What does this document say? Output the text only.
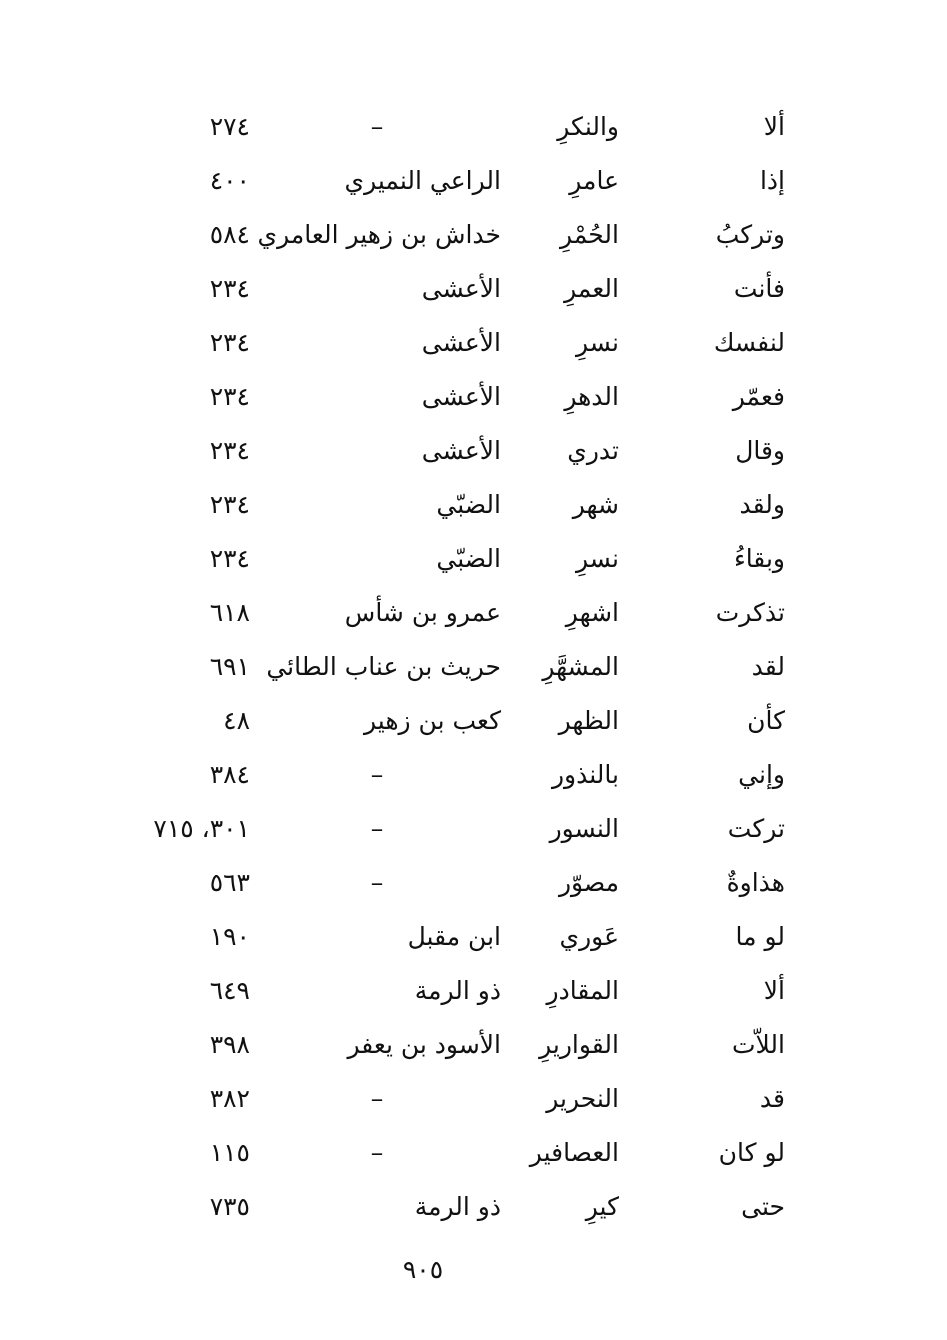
ألا
والنكرِ
–
٢٧٤
إذا
عامرِ
الراعي النميري
٤٠٠
وتركبُ
الحُمْرِ
خداش بن زهير العامري
٥٨٤
فأنت
العمرِ
الأعشى
٢٣٤
لنفسك
نسرِ
الأعشى
٢٣٤
فعمّر
الدهرِ
الأعشى
٢٣٤
وقال
تدري
الأعشى
٢٣٤
ولقد
شهر
الضبّي
٢٣٤
وبقاءُ
نسرِ
الضبّي
٢٣٤
تذكرت
اشهرِ
عمرو بن شأس
٦١٨
لقد
المشهَّرِ
حريث بن عناب الطائي
٦٩١
كأن
الظهر
كعب بن زهير
٤٨
وإني
بالنذور
–
٣٨٤
تركت
النسور
–
٣٠١، ٧١٥
هذاوةٌ
مصوّر
–
٥٦٣
لو ما
عَوري
ابن مقبل
١٩٠
ألا
المقادرِ
ذو الرمة
٦٤٩
اللاّت
القواريرِ
الأسود بن يعفر
٣٩٨
قد
النحرير
–
٣٨٢
لو كان
العصافير
–
١١٥
حتى
كيرِ
ذو الرمة
٧٣٥
٩٠٥
